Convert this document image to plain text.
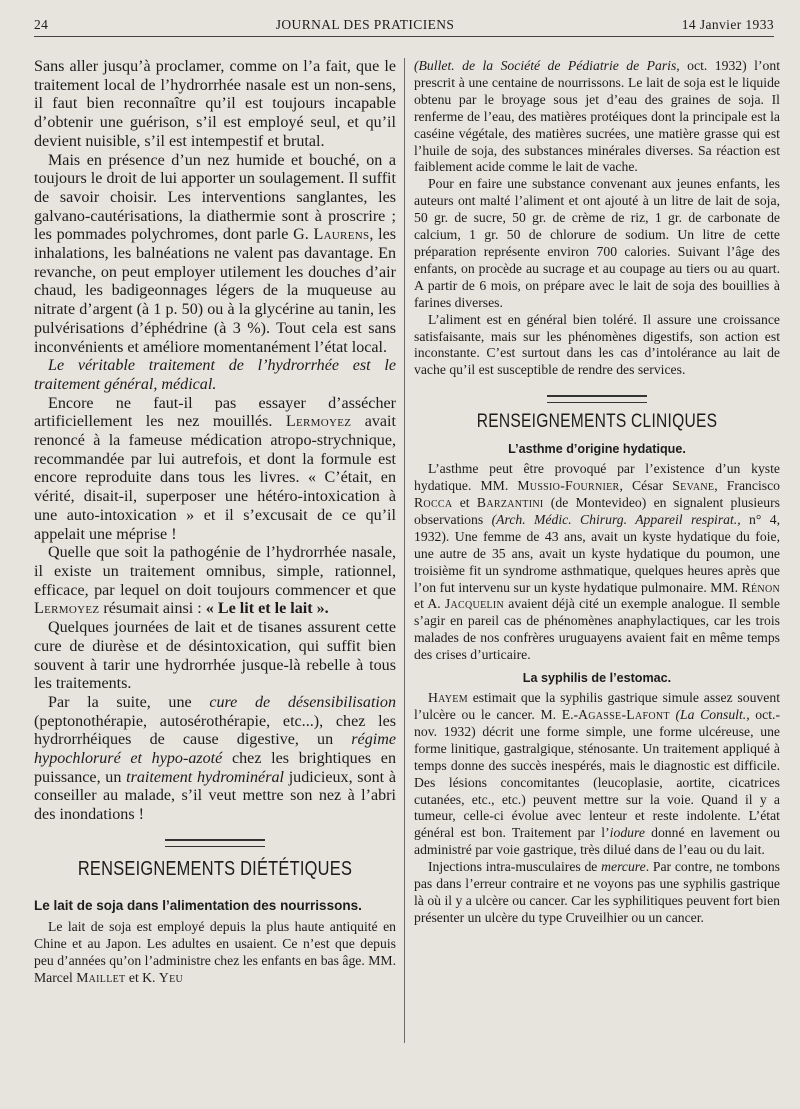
24	JOURNAL DES PRATICIENS	14 Janvier 1933

Sans aller jusqu’à proclamer, comme on l’a fait, que le traitement local de l’hydrorrhée nasale est un non-sens, il faut bien reconnaître qu’il est toujours incapable d’obtenir une guérison, s’il est employé seul, et qu’il devient nuisible, s’il est intempestif et brutal.

Mais en présence d’un nez humide et bouché, on a toujours le droit de lui apporter un soulagement. Il suffit de savoir choisir. Les interventions sanglantes, les galvano-cautérisations, la diathermie sont à proscrire ; les pommades polychromes, dont parle G. Laurens, les inhalations, les balnéations ne valent pas davantage. En revanche, on peut employer utilement les douches d’air chaud, les badigeonnages légers de la muqueuse au nitrate d’argent (à 1 p. 50) ou à la glycérine au tanin, les pulvérisations d’éphédrine (à 3 %). Tout cela est sans inconvénients et améliore momentanément l’état local.

Le véritable traitement de l’hydrorrhée est le traitement général, médical.

Encore ne faut-il pas essayer d’assécher artificiellement les nez mouillés. Lermoyez avait renoncé à la fameuse médication atropo-strychnique, recommandée par lui autrefois, et dont la formule est encore reproduite dans tous les livres. « C’était, en vérité, disait-il, superposer une hétéro-intoxication à une auto-intoxication » et il s’excusait de ce qu’il appelait une méprise !

Quelle que soit la pathogénie de l’hydrorrhée nasale, il existe un traitement omnibus, simple, rationnel, efficace, par lequel on doit toujours commencer et que Lermoyez résumait ainsi : « Le lit et le lait ».

Quelques journées de lait et de tisanes assurent cette cure de diurèse et de désintoxication, qui suffit bien souvent à tarir une hydrorrhée jusque-là rebelle à tous les traitements.

Par la suite, une cure de désensibilisation (peptonothérapie, autosérothérapie, etc...), chez les hydrorrhéiques de cause digestive, un régime hypochloruré et hypo-azoté chez les brightiques en puissance, un traitement hydrominéral judicieux, sont à conseiller au malade, s’il veut mettre son nez à l’abri des inondations !

RENSEIGNEMENTS DIÉTÉTIQUES
Le lait de soja dans l’alimentation des nourrissons.

Le lait de soja est employé depuis la plus haute antiquité en Chine et au Japon. Les adultes en usaient. Ce n’est que depuis peu d’années qu’on l’administre chez les enfants en bas âge. MM. Marcel Maillet et K. Yeu

(Bullet. de la Société de Pédiatrie de Paris, oct. 1932) l’ont prescrit à une centaine de nourrissons. Le lait de soja est le liquide obtenu par le broyage sous jet d’eau des graines de soja. Il renferme de l’eau, des matières protéiques dont la principale est la caséine végétale, des matières sucrées, une matière grasse qui est l’huile de soja, des substances minérales diverses. Sa réaction est faiblement acide comme le lait de vache.

Pour en faire une substance convenant aux jeunes enfants, les auteurs ont malté l’aliment et ont ajouté à un litre de lait de soja, 50 gr. de sucre, 50 gr. de crème de riz, 1 gr. de carbonate de calcium, 1 gr. 50 de chlorure de sodium. Un litre de cette préparation représente environ 700 calories. Suivant l’âge des enfants, on procède au sucrage et au coupage au tiers ou au quart. A partir de 6 mois, on prépare avec le lait de soja des bouillies à farines diverses.

L’aliment est en général bien toléré. Il assure une croissance satisfaisante, mais sur les phénomènes digestifs, son action est inconstante. C’est surtout dans les cas d’intolérance au lait de vache qu’il est susceptible de rendre des services.

RENSEIGNEMENTS CLINIQUES
L’asthme d’origine hydatique.

L’asthme peut être provoqué par l’existence d’un kyste hydatique. MM. Mussio-Fournier, César Sevane, Francisco Rocca et Barzantini (de Montevideo) en signalent plusieurs observations (Arch. Médic. Chirurg. Appareil respirat., n° 4, 1932). Une femme de 43 ans, avait un kyste hydatique du foie, une autre de 35 ans, avait un kyste hydatique du poumon, une troisième fit un syndrome asthmatique, quelques heures après que l’on fut intervenu sur un kyste hydatique pulmonaire. MM. Rénon et A. Jacquelin avaient déjà cité un exemple analogue. Il semble s’agir en pareil cas de phénomènes anaphylactiques, car les trois malades de nos confrères uruguayens avaient fait en même temps des crises d’urticaire.

La syphilis de l’estomac.

Hayem estimait que la syphilis gastrique simule assez souvent l’ulcère ou le cancer. M. E.-Agasse-Lafont (La Consult., oct.-nov. 1932) décrit une forme simple, une forme ulcéreuse, une forme linitique, gastralgique, sténosante. Un traitement appliqué à temps donne des succès inespérés, mais le diagnostic est difficile. Des lésions concomitantes (leucoplasie, aortite, cicatrices cutanées, etc., etc.) peuvent mettre sur la voie. Quand il y a tumeur, celle-ci évolue avec lenteur et reste indolente. L’état général est bon. Traitement par l’iodure donné en lavement ou administré par voie gastrique, très dilué dans de l’eau ou du lait.

Injections intra-musculaires de mercure. Par contre, ne tombons pas dans l’erreur contraire et ne voyons pas une syphilis gastrique là où il y a ulcère ou cancer. Car les syphilitiques peuvent fort bien présenter un ulcère du type Cruveilhier ou un cancer.
